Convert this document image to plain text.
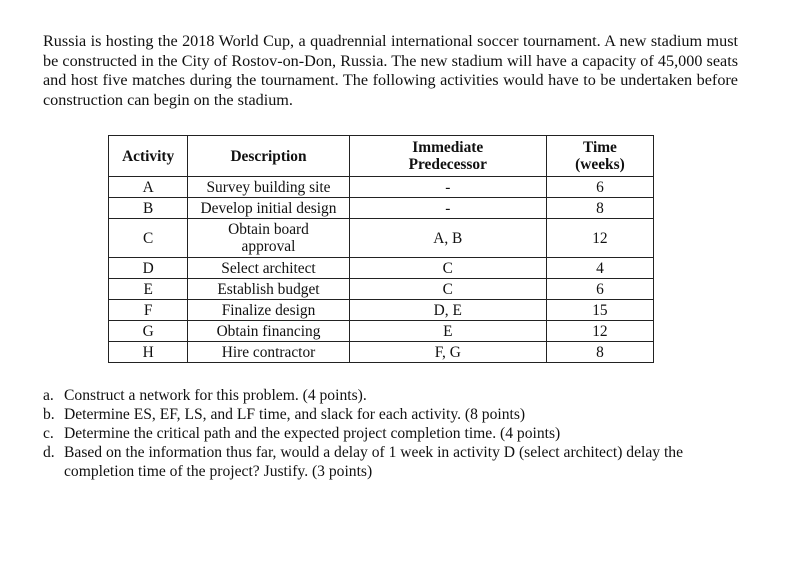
Russia is hosting the 2018 World Cup, a quadrennial international soccer tournament. A new stadium must be constructed in the City of Rostov-on-Don, Russia. The new stadium will have a capacity of 45,000 seats and host five matches during the tournament. The following activities would have to be undertaken before construction can begin on the stadium.

Activity	Description	Immediate Predecessor	Time (weeks)

A	Survey building site	-	6
B	Develop initial design	-	8
C	Obtain board approval	A, B	12
D	Select architect	C	4
E	Establish budget	C	6
F	Finalize design	D, E	15
G	Obtain financing	E	12
H	Hire contractor	F, G	8
a. Construct a network for this problem. (4 points).
b. Determine ES, EF, LS, and LF time, and slack for each activity. (8 points)
c. Determine the critical path and the expected project completion time. (4 points)
d. Based on the information thus far, would a delay of 1 week in activity D (select architect) delay the completion time of the project? Justify. (3 points)
